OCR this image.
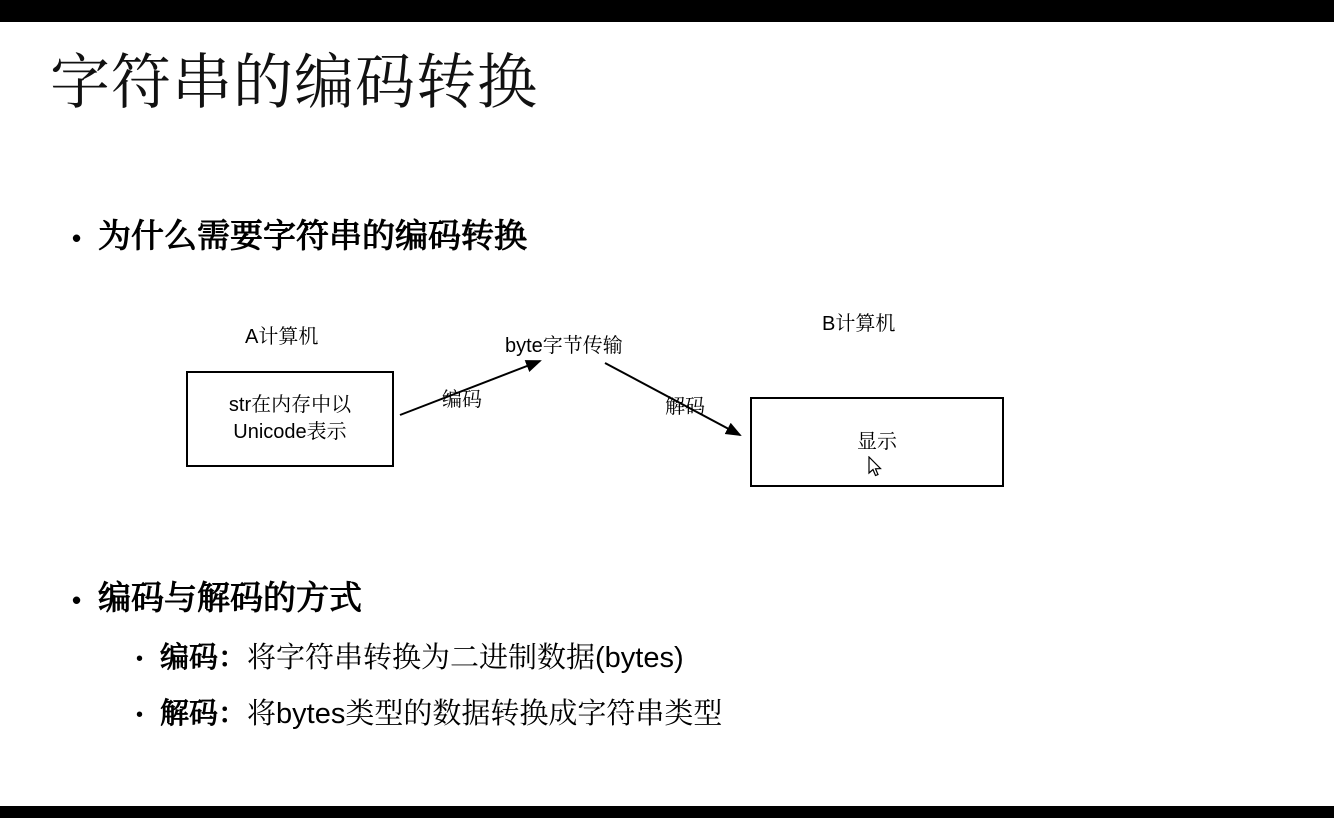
字符串的编码转换
• 为什么需要字符串的编码转换
A计算机
B计算机
byte字节传输
编码	解码
str在内存中以
Unicode表示	显示
• 编码与解码的方式
• 编码：将字符串转换为二进制数据(bytes)
• 解码：将bytes类型的数据转换成字符串类型
